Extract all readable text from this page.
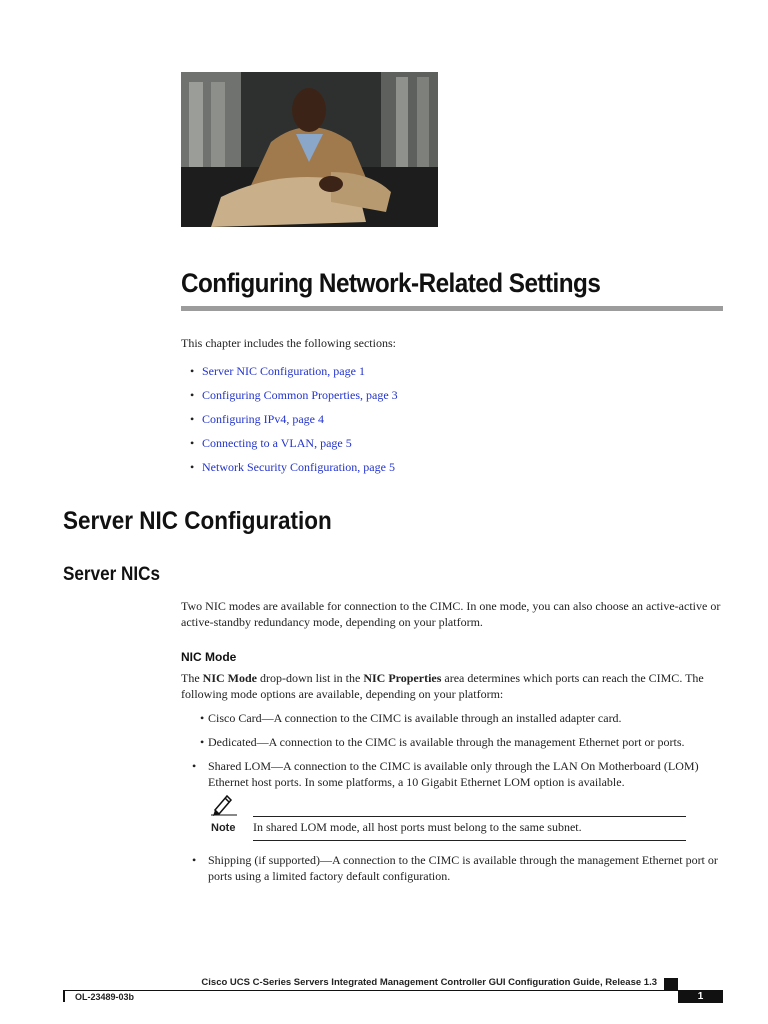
Configuring Network-Related Settings

This chapter includes the following sections:

• Server NIC Configuration, page 1
• Configuring Common Properties, page 3
• Configuring IPv4, page 4
• Connecting to a VLAN, page 5
• Network Security Configuration, page 5
Server NIC Configuration
Server NICs

Two NIC modes are available for connection to the CIMC. In one mode, you can also choose an active-active or active-standby redundancy mode, depending on your platform.

NIC Mode

The NIC Mode drop-down list in the NIC Properties area determines which ports can reach the CIMC. The following mode options are available, depending on your platform:

• Cisco Card—A connection to the CIMC is available through an installed adapter card.

• Dedicated—A connection to the CIMC is available through the management Ethernet port or ports.

• Shared LOM—A connection to the CIMC is available only through the LAN On Motherboard (LOM) Ethernet host ports. In some platforms, a 10 Gigabit Ethernet LOM option is available.

Note In shared LOM mode, all host ports must belong to the same subnet.

• Shipping (if supported)—A connection to the CIMC is available through the management Ethernet port or ports using a limited factory default configuration.

Cisco UCS C-Series Servers Integrated Management Controller GUI Configuration Guide, Release 1.3
OL-23489-03b	1
